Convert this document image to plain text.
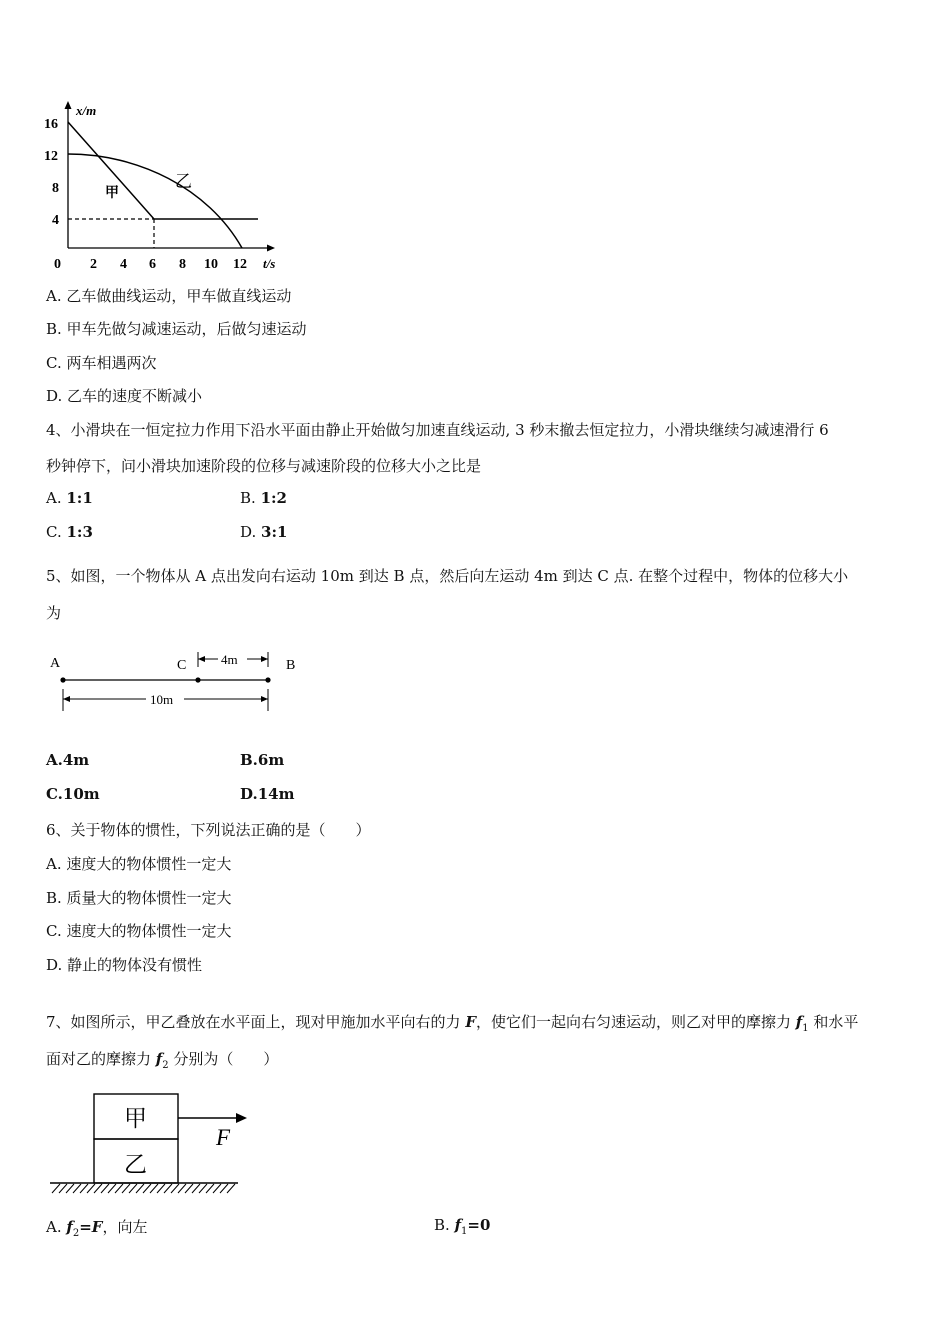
x/m
t/s
16
12
8
4
0 2 4 6 8 10 12
甲
乙
A. 乙车做曲线运动，甲车做直线运动
B. 甲车先做匀减速运动，后做匀速运动
C. 两车相遇两次
D. 乙车的速度不断减小
4、小滑块在一恒定拉力作用下沿水平面由静止开始做匀加速直线运动, 3 秒末撤去恒定拉力，小滑块继续匀减速滑行 6
秒钟停下，问小滑块加速阶段的位移与减速阶段的位移大小之比是
A. 1:1	B. 1:2
C. 1:3	D. 3:1
5、如图，一个物体从 A 点出发向右运动 10m 到达 B 点，然后向左运动 4m 到达 C 点. 在整个过程中，物体的位移大小
为
A	C	B
4m
10m
A.4m	B.6m
C.10m	D.14m
6、关于物体的惯性，下列说法正确的是（　　）
A. 速度大的物体惯性一定大
B. 质量大的物体惯性一定大
C. 速度大的物体惯性一定大
D. 静止的物体没有惯性
7、如图所示，甲乙叠放在水平面上，现对甲施加水平向右的力 F，使它们一起向右匀速运动，则乙对甲的摩擦力 $f_1$ 和水平
面对乙的摩擦力 $f_2$ 分别为（　　）
甲
乙
F
A. $f_2=F$，向左	B. $f_1=0$
